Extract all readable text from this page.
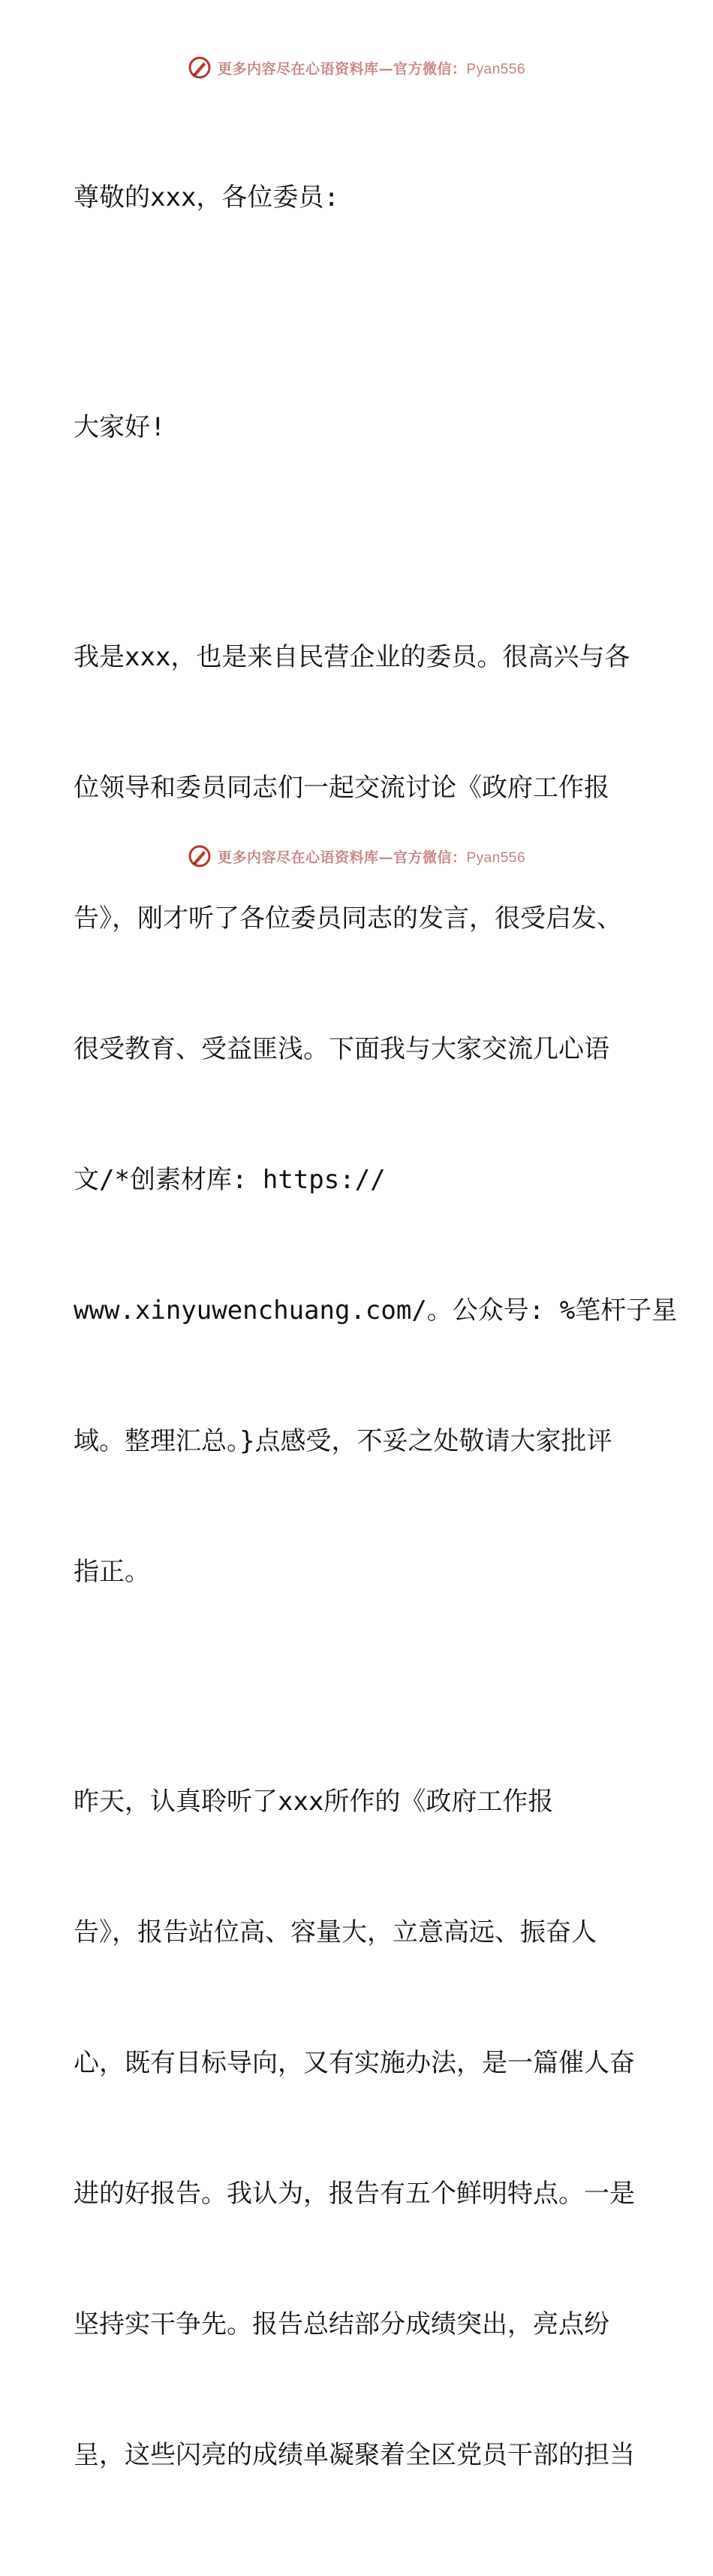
更多内容尽在心语资料库—官方微信：Pyan556

尊敬的xxx，各位委员:

大家好!

我是xxx，也是来自民营企业的委员。很高兴与各

位领导和委员同志们一起交流讨论《政府工作报

告》，刚才听了各位委员同志的发言，很受启发、

很受教育、受益匪浅。下面我与大家交流几心语

文/*创素材库: https://

www.xinyuwenchuang.com/。公众号: %笔杆子星

域。整理汇总。}点感受，不妥之处敬请大家批评

指正。

昨天，认真聆听了xxx所作的《政府工作报

告》，报告站位高、容量大，立意高远、振奋人

心，既有目标导向，又有实施办法，是一篇催人奋

进的好报告。我认为，报告有五个鲜明特点。一是

坚持实干争先。报告总结部分成绩突出，亮点纷

呈，这些闪亮的成绩单凝聚着全区党员干部的担当

更多内容尽在心语资料库—官方微信：Pyan556
